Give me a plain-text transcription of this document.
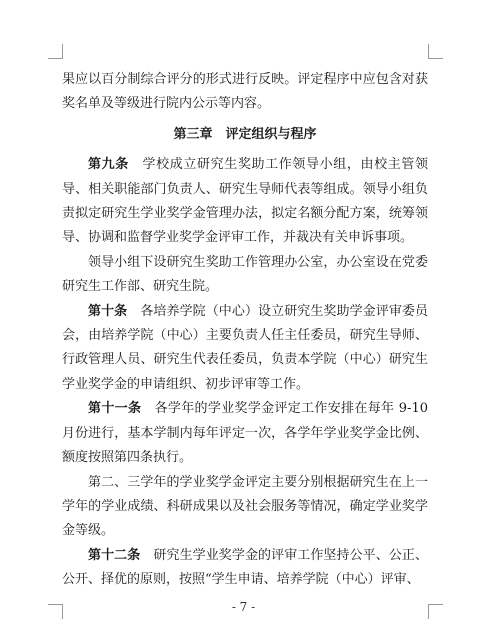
果应以百分制综合评分的形式进行反映。评定程序中应包含对获奖名单及等级进行院内公示等内容。

第三章　评定组织与程序

第九条　学校成立研究生奖助工作领导小组，由校主管领导、相关职能部门负责人、研究生导师代表等组成。领导小组负责拟定研究生学业奖学金管理办法，拟定名额分配方案，统筹领导、协调和监督学业奖学金评审工作，并裁决有关申诉事项。

领导小组下设研究生奖助工作管理办公室，办公室设在党委研究生工作部、研究生院。

第十条　各培养学院（中心）设立研究生奖助学金评审委员会，由培养学院（中心）主要负责人任主任委员，研究生导师、行政管理人员、研究生代表任委员，负责本学院（中心）研究生学业奖学金的申请组织、初步评审等工作。

第十一条　各学年的学业奖学金评定工作安排在每年 9-10 月份进行，基本学制内每年评定一次，各学年学业奖学金比例、额度按照第四条执行。

第二、三学年的学业奖学金评定主要分别根据研究生在上一学年的学业成绩、科研成果以及社会服务等情况，确定学业奖学金等级。

第十二条　研究生学业奖学金的评审工作坚持公平、公正、公开、择优的原则，按照“学生申请、培养学院（中心）评审、

- 7 -
